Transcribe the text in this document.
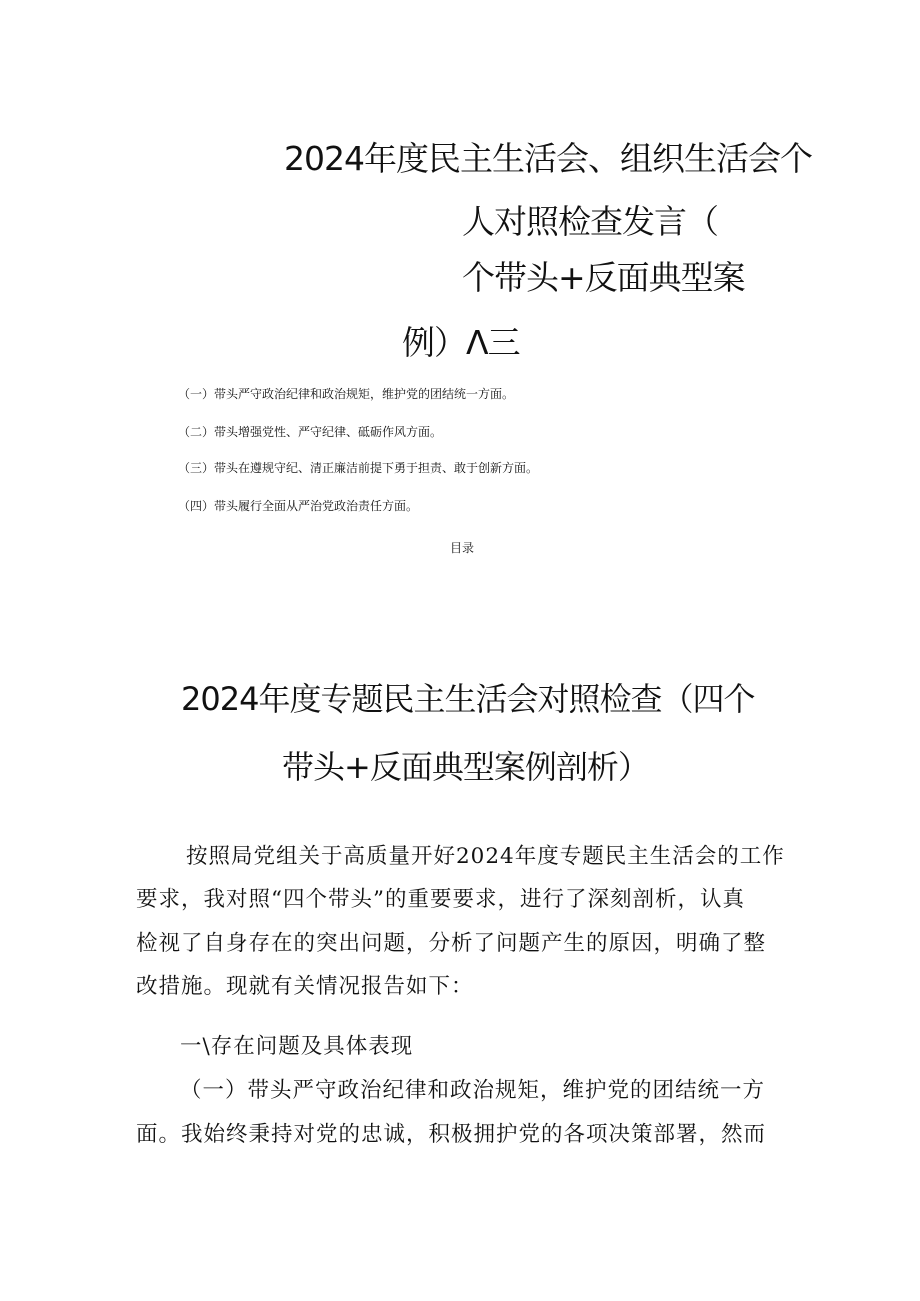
2024年度民主生活会、组织生活会个
人对照检查发言（
个带头+反面典型案
例）Λ三
（一）带头严守政治纪律和政治规矩，维护党的团结统一方面。
（二）带头增强党性、严守纪律、砥砺作风方面。
（三）带头在遵规守纪、清正廉洁前提下勇于担责、敢于创新方面。
（四）带头履行全面从严治党政治责任方面。
目录
2024年度专题民主生活会对照检查（四个
带头+反面典型案例剖析）
按照局党组关于高质量开好2024年度专题民主生活会的工作
要求，我对照“四个带头”的重要要求，进行了深刻剖析，认真
检视了自身存在的突出问题，分析了问题产生的原因，明确了整
改措施。现就有关情况报告如下：
一\存在问题及具体表现
（一）带头严守政治纪律和政治规矩，维护党的团结统一方
面。我始终秉持对党的忠诚，积极拥护党的各项决策部署，然而
